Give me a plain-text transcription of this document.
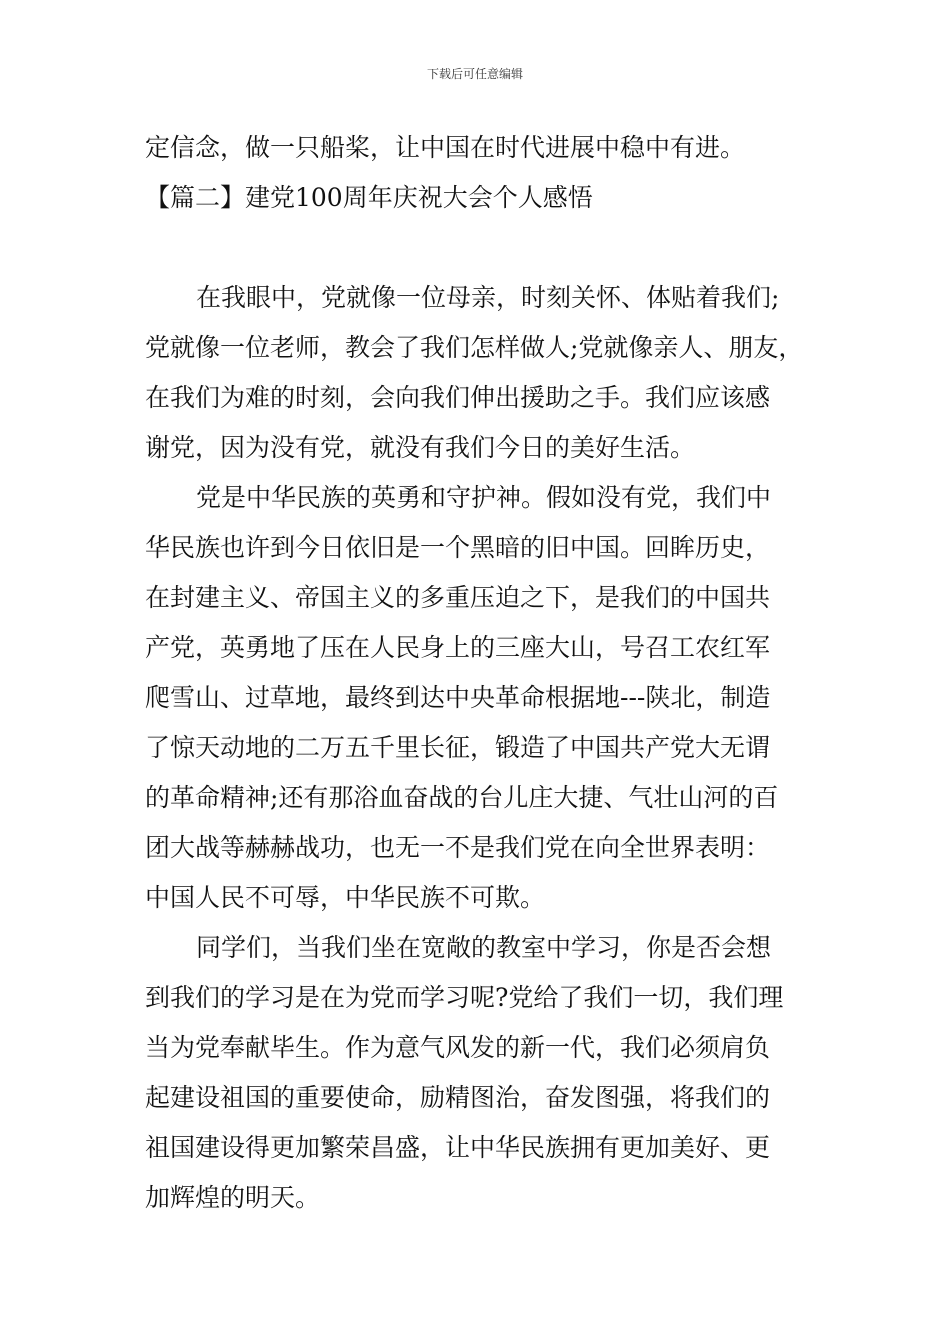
下载后可任意编辑
定信念，做一只船桨，让中国在时代进展中稳中有进。
【篇二】建党100周年庆祝大会个人感悟
在我眼中，党就像一位母亲，时刻关怀、体贴着我们;
党就像一位老师，教会了我们怎样做人;党就像亲人、朋友，
在我们为难的时刻，会向我们伸出援助之手。我们应该感
谢党，因为没有党，就没有我们今日的美好生活。
党是中华民族的英勇和守护神。假如没有党，我们中
华民族也许到今日依旧是一个黑暗的旧中国。回眸历史，
在封建主义、帝国主义的多重压迫之下，是我们的中国共
产党，英勇地了压在人民身上的三座大山，号召工农红军
爬雪山、过草地，最终到达中央革命根据地---陕北，制造
了惊天动地的二万五千里长征，锻造了中国共产党大无谓
的革命精神;还有那浴血奋战的台儿庄大捷、气壮山河的百
团大战等赫赫战功，也无一不是我们党在向全世界表明：
中国人民不可辱，中华民族不可欺。
同学们，当我们坐在宽敞的教室中学习，你是否会想
到我们的学习是在为党而学习呢?党给了我们一切，我们理
当为党奉献毕生。作为意气风发的新一代，我们必须肩负
起建设祖国的重要使命，励精图治，奋发图强，将我们的
祖国建设得更加繁荣昌盛，让中华民族拥有更加美好、更
加辉煌的明天。
